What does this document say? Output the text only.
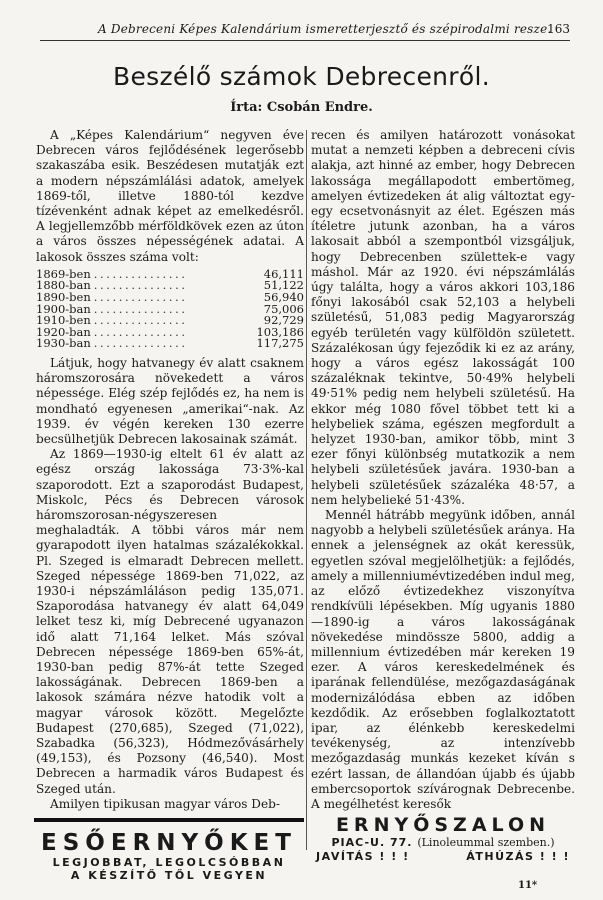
A Debreceni Képes Kalendárium ismeretterjesztő és szépirodalmi resze.
163
Beszélő számok Debrecenről.
Írta: Csobán Endre.

A „Képes Kalendárium“ negyven éve Debrecen város fejlődésének legerősebb szakaszába esik. Beszédesen mutatják ezt a modern népszámlálási adatok, amelyek 1869-től, illetve 1880-tól kezdve tízévenként adnak képet az emelkedésről. A legjellemzőbb mérföldkövek ezen az úton a város összes népességének adatai. A lakosok összes száma volt:

1869-ben ...............	46,111
1880-ban ...............	51,122
1890-ben ...............	56,940
1900-ban ...............	75,006
1910-ben ...............	92,729
1920-ban ...............	103,186
1930-ban ...............	117,275

Látjuk, hogy hatvanegy év alatt csaknem háromszorosára növekedett a város népessége. Elég szép fejlődés ez, ha nem is mondható egyenesen „amerikai“-nak. Az 1939. év végén kereken 130 ezerre becsülhetjük Debrecen lakosainak számát.

Az 1869—1930-ig eltelt 61 év alatt az egész ország lakossága 73·3%-kal szaporodott. Ezt a szaporodást Budapest, Miskolc, Pécs és Debrecen városok háromszorosan-négyszeresen meghaladták. A többi város már nem gyarapodott ilyen hatalmas százalékokkal. Pl. Szeged is elmaradt Debrecen mellett. Szeged népessége 1869-ben 71,022, az 1930-i népszámláláson pedig 135,071. Szaporodása hatvanegy év alatt 64,049 lelket tesz ki, míg Debrecené ugyanazon idő alatt 71,164 lelket. Más szóval Debrecen népessége 1869-ben 65%-át, 1930-ban pedig 87%-át tette Szeged lakosságának. Debrecen 1869-ben a lakosok számára nézve hatodik volt a magyar városok között. Megelőzte Budapest (270,685), Szeged (71,022), Szabadka (56,323), Hódmezővásárhely (49,153), és Pozsony (46,540). Most Debrecen a harmadik város Budapest és Szeged után.

Amilyen tipikusan magyar város Deb-

recen és amilyen határozott vonásokat mutat a nemzeti képben a debreceni cívis alakja, azt hinné az ember, hogy Debrecen lakossága megállapodott embertömeg, amelyen évtizedeken át alig változtat egy-egy ecsetvonásnyit az élet. Egészen más ítéletre jutunk azonban, ha a város lakosait abból a szempontból vizsgáljuk, hogy Debrecenben születtek-e vagy máshol. Már az 1920. évi népszámlálás úgy találta, hogy a város akkori 103,186 főnyi lakosából csak 52,103 a helybeli születésű, 51,083 pedig Magyarország egyéb területén vagy külföldön született. Százalékosan úgy fejeződik ki ez az arány, hogy a város egész lakosságát 100 százaléknak tekintve, 50·49% helybeli 49·51% pedig nem helybeli születésű. Ha ekkor még 1080 fővel többet tett ki a helybeliek száma, egészen megfordult a helyzet 1930-ban, amikor több, mint 3 ezer főnyi különbség mutatkozik a nem helybeli születésűek javára. 1930-ban a helybeli születésűek százaléka 48·57, a nem helybelieké 51·43%.

Mennél hátrább megyünk időben, annál nagyobb a helybeli születésűek aránya. Ha ennek a jelenségnek az okát keressük, egyetlen szóval megjelölhetjük: a fejlődés, amely a millenniumévtizedében indul meg, az előző évtizedekhez viszonyítva rendkívüli lépésekben. Míg ugyanis 1880—1890-ig a város lakosságának növekedése mindössze 5800, addig a millennium évtizedében már kereken 19 ezer. A város kereskedelmének és iparának fellendülése, mezőgazdaságának modernizálódása ebben az időben kezdődik. Az erősebben foglalkoztatott ipar, az élénkebb kereskedelmi tevékenység, az intenzívebb mezőgazdaság munkás kezeket kíván s ezért lassan, de állandóan újabb és újabb embercsoportok szívárognak Debrecenbe. A megélhetést keresők

ESŐERNYŐKET
LEGJOBBAT, LEGOLCSÓBBAN
A KÉSZÍTŐ TŐL VEGYEN
ERNYŐSZALON
PIAC-U. 77. (Linoleummal szemben.)
JAVÍTÁS ! ! !	ÁTHÚZÁS ! ! !
11*
